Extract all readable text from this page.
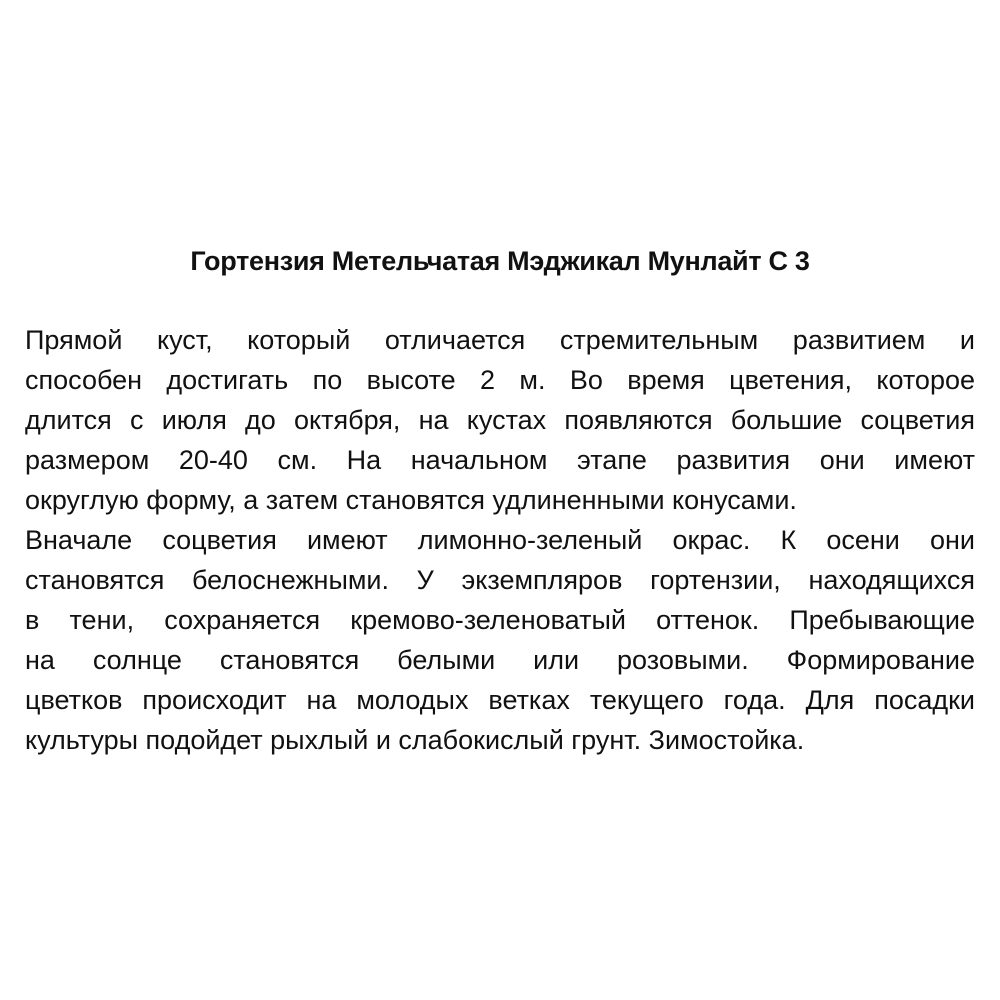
Гортензия Метельчатая Мэджикал Мунлайт С 3
Прямой куст, который отличается стремительным развитием и
способен достигать по высоте 2 м. Во время цветения, которое
длится с июля до октября, на кустах появляются большие соцветия
размером 20-40 см. На начальном этапе развития они имеют
округлую форму, а затем становятся удлиненными конусами.
Вначале соцветия имеют лимонно-зеленый окрас. К осени они
становятся белоснежными. У экземпляров гортензии, находящихся
в тени, сохраняется кремово-зеленоватый оттенок. Пребывающие
на солнце становятся белыми или розовыми. Формирование
цветков происходит на молодых ветках текущего года. Для посадки
культуры подойдет рыхлый и слабокислый грунт. Зимостойка.
